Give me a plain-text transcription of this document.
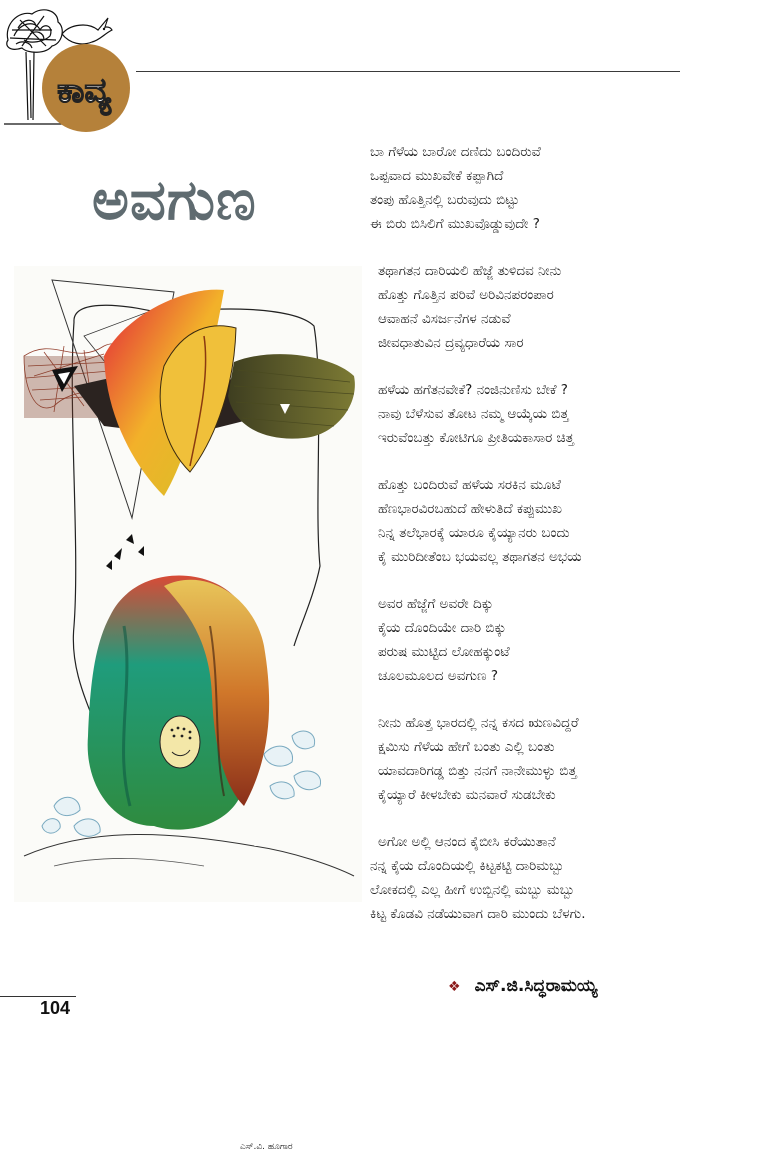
ಕಾವ್ಯ
ಅವಗುಣ
ಎಸ್.ವಿ. ಹೂಗಾರ
ಬಾ ಗೆಳೆಯ ಬಾರೋ ದಣಿದು ಬಂದಿರುವೆ
ಒಪ್ಪವಾದ ಮುಖವೇಕೆ ಕಪ್ಪಾಗಿದೆ
ತಂಪು ಹೊತ್ತಿನಲ್ಲಿ ಬರುವುದು ಬಿಟ್ಟು
ಈ ಬಿರು ಬಿಸಿಲಿಗೆ ಮುಖವೊಡ್ಡುವುದೇ ?
ತಥಾಗತನ ದಾರಿಯಲಿ ಹೆಜ್ಜೆ ತುಳಿದವ ನೀನು
ಹೊತ್ತು ಗೊತ್ತಿನ ಪರಿವೆ ಅರಿವಿನಪರಂಪಾರ
ಆವಾಹನೆ ವಿಸರ್ಜನೆಗಳ ನಡುವೆ
ಜೀವಧಾತುವಿನ ದ್ರವ್ಯಧಾರೆಯ ಸಾರ
ಹಳೆಯ ಹಗೆತನವೇಕೆ? ನಂಜಿನುಣಿಸು ಬೇಕೆ ?
ನಾವು ಬೆಳೆಸುವ ತೋಟ ನಮ್ಮ ಆಯ್ಕೆಯ ಬಿತ್ತ
ಇರುವೆಂಬತ್ತು ಕೋಟಿಗೂ ಪ್ರೀತಿಯಕಾಸಾರ ಚಿತ್ತ
ಹೊತ್ತು ಬಂದಿರುವೆ ಹಳೆಯ ಸರಕಿನ ಮೂಟೆ
ಹೆಣಭಾರವಿರಬಹುದೆ ಹೇಳುತಿದೆ ಕಪ್ಪುಮುಖ
ನಿನ್ನ ತಲೆಭಾರಕ್ಕೆ ಯಾರೂ ಕೈಯ್ಯಾನರು ಬಂದು
ಕೈ ಮುರಿದೀತೆಂಬ ಭಯವಲ್ಲ ತಥಾಗತನ ಅಭಯ
ಅವರ ಹೆಜ್ಜೆಗೆ ಅವರೇ ದಿಕ್ಕು
ಕೈಯ ದೊಂದಿಯೇ ದಾರಿ ಬಿಕ್ಕು
ಪರುಷ ಮುಟ್ಟಿದ ಲೋಹಕ್ಕುಂಟೆ
ಚೂಲಮೂಲದ ಅವಗುಣ ?
ನೀನು ಹೊತ್ತ ಭಾರದಲ್ಲಿ ನನ್ನ ಕಸದ ಋಣವಿದ್ದರೆ
ಕ್ಷಮಿಸು ಗೆಳೆಯ ಹೇಗೆ ಬಂತು ಎಲ್ಲಿ ಬಂತು
ಯಾವದಾರಿಗಡ್ಡ ಬಿತ್ತು ನನಗೆ ನಾನೇಮುಳ್ಳು ಬಿತ್ತ
ಕೈಯ್ಯಾರೆ ಕೀಳಬೇಕು ಮನವಾರೆ ಸುಡಬೇಕು
ಅಗೋ ಅಲ್ಲಿ ಆನಂದ ಕೈಬೀಸಿ ಕರೆಯುತಾನೆ
ನನ್ನ ಕೈಯ ದೊಂದಿಯಲ್ಲಿ ಕಿಟ್ಟಕಟ್ಟಿ ದಾರಿಮಬ್ಬು
ಲೋಕದಲ್ಲಿ ಎಲ್ಲ ಹೀಗೆ ಉಬ್ಬಿನಲ್ಲಿ ಮಬ್ಬು ಮಬ್ಬು
ಕಿಟ್ಟ ಕೊಡವಿ ನಡೆಯುವಾಗ ದಾರಿ ಮುಂದು ಬೆಳಗು.
❖ ಎಸ್.ಜಿ.ಸಿದ್ಧರಾಮಯ್ಯ
104
